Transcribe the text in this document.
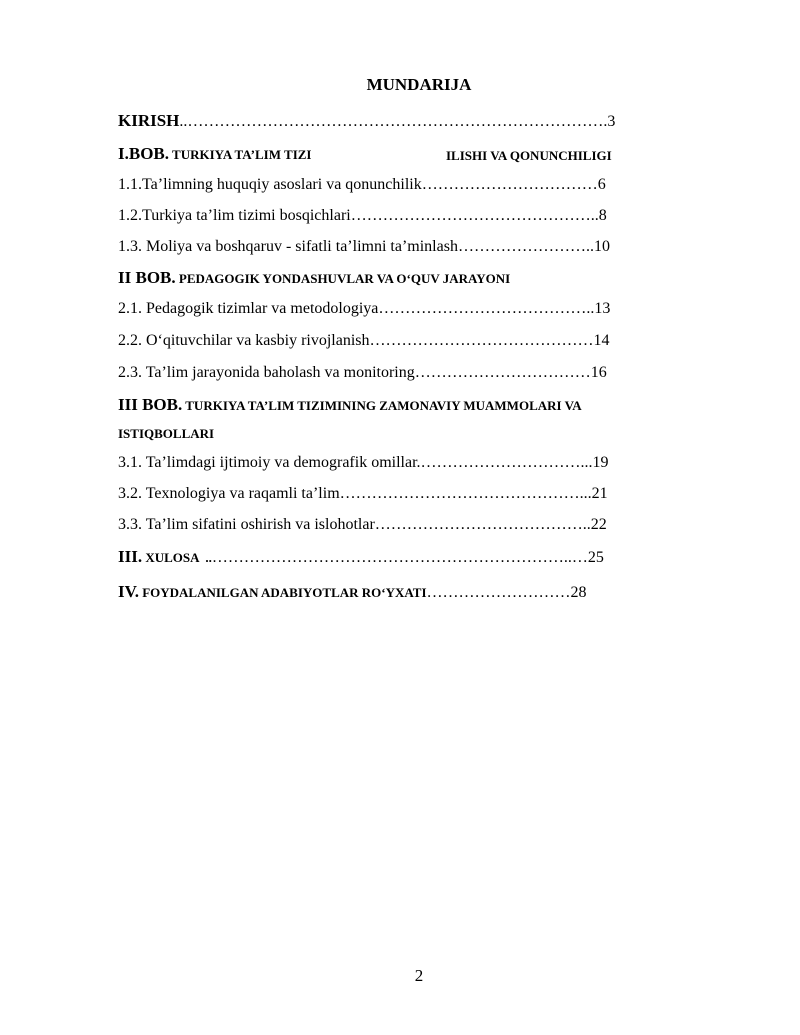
MUNDARIJA
KIRISH..…………………………………………………………………….3
I.BOB. TURKIYA TA’LIM TIZI	ILISHI VA QONUNCHILIGI
1.1.Ta’limning huquqiy asoslari va qonunchilik……………………………6
1.2.Turkiya ta’lim tizimi bosqichlari………………………………………..8
1.3. Moliya va boshqaruv - sifatli ta’limni ta’minlash……………………..10
II BOB. PEDAGOGIK YONDASHUVLAR VA O‘QUV JARAYONI
2.1. Pedagogik tizimlar va metodologiya…………………………………..13
2.2. O‘qituvchilar va kasbiy rivojlanish……………………………………14
2.3. Ta’lim jarayonida baholash va monitoring……………………………16
III BOB. TURKIYA TA’LIM TIZIMINING ZAMONAVIY MUAMMOLARI VA
ISTIQBOLLARI
3.1. Ta’limdagi ijtimoiy va demografik omillar.…………………………...19
3.2. Texnologiya va raqamli ta’lim………………………………………...21
3.3. Ta’lim sifatini oshirish va islohotlar…………………………………..22
III. XULOSA  ..…………………………………………………………..…25
IV. FOYDALANILGAN ADABIYOTLAR RO‘YXATI………………………28
2
